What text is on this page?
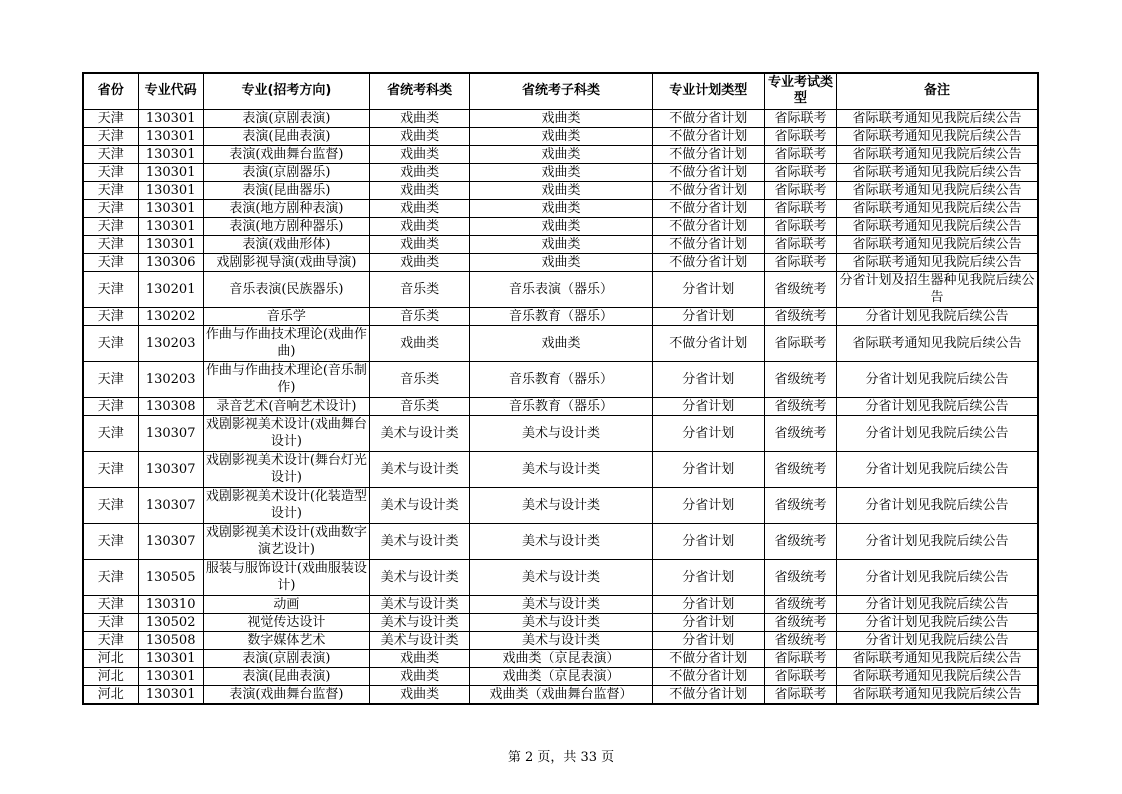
省份	专业代码	专业(招考方向)	省统考科类	省统考子科类	专业计划类型	专业考试类型	备注
天津	130301	表演(京剧表演)	戏曲类	戏曲类	不做分省计划	省际联考	省际联考通知见我院后续公告
天津	130301	表演(昆曲表演)	戏曲类	戏曲类	不做分省计划	省际联考	省际联考通知见我院后续公告
天津	130301	表演(戏曲舞台监督)	戏曲类	戏曲类	不做分省计划	省际联考	省际联考通知见我院后续公告
天津	130301	表演(京剧器乐)	戏曲类	戏曲类	不做分省计划	省际联考	省际联考通知见我院后续公告
天津	130301	表演(昆曲器乐)	戏曲类	戏曲类	不做分省计划	省际联考	省际联考通知见我院后续公告
天津	130301	表演(地方剧种表演)	戏曲类	戏曲类	不做分省计划	省际联考	省际联考通知见我院后续公告
天津	130301	表演(地方剧种器乐)	戏曲类	戏曲类	不做分省计划	省际联考	省际联考通知见我院后续公告
天津	130301	表演(戏曲形体)	戏曲类	戏曲类	不做分省计划	省际联考	省际联考通知见我院后续公告
天津	130306	戏剧影视导演(戏曲导演)	戏曲类	戏曲类	不做分省计划	省际联考	省际联考通知见我院后续公告
天津	130201	音乐表演(民族器乐)	音乐类	音乐表演（器乐）	分省计划	省级统考	分省计划及招生器种见我院后续公告
天津	130202	音乐学	音乐类	音乐教育（器乐）	分省计划	省级统考	分省计划见我院后续公告
天津	130203	作曲与作曲技术理论(戏曲作曲)	戏曲类	戏曲类	不做分省计划	省际联考	省际联考通知见我院后续公告
天津	130203	作曲与作曲技术理论(音乐制作)	音乐类	音乐教育（器乐）	分省计划	省级统考	分省计划见我院后续公告
天津	130308	录音艺术(音响艺术设计)	音乐类	音乐教育（器乐）	分省计划	省级统考	分省计划见我院后续公告
天津	130307	戏剧影视美术设计(戏曲舞台设计)	美术与设计类	美术与设计类	分省计划	省级统考	分省计划见我院后续公告
天津	130307	戏剧影视美术设计(舞台灯光设计)	美术与设计类	美术与设计类	分省计划	省级统考	分省计划见我院后续公告
天津	130307	戏剧影视美术设计(化装造型设计)	美术与设计类	美术与设计类	分省计划	省级统考	分省计划见我院后续公告
天津	130307	戏剧影视美术设计(戏曲数字演艺设计)	美术与设计类	美术与设计类	分省计划	省级统考	分省计划见我院后续公告
天津	130505	服装与服饰设计(戏曲服装设计)	美术与设计类	美术与设计类	分省计划	省级统考	分省计划见我院后续公告
天津	130310	动画	美术与设计类	美术与设计类	分省计划	省级统考	分省计划见我院后续公告
天津	130502	视觉传达设计	美术与设计类	美术与设计类	分省计划	省级统考	分省计划见我院后续公告
天津	130508	数字媒体艺术	美术与设计类	美术与设计类	分省计划	省级统考	分省计划见我院后续公告
河北	130301	表演(京剧表演)	戏曲类	戏曲类（京昆表演）	不做分省计划	省际联考	省际联考通知见我院后续公告
河北	130301	表演(昆曲表演)	戏曲类	戏曲类（京昆表演）	不做分省计划	省际联考	省际联考通知见我院后续公告
河北	130301	表演(戏曲舞台监督)	戏曲类	戏曲类（戏曲舞台监督）	不做分省计划	省际联考	省际联考通知见我院后续公告
第 2 页，共 33 页
